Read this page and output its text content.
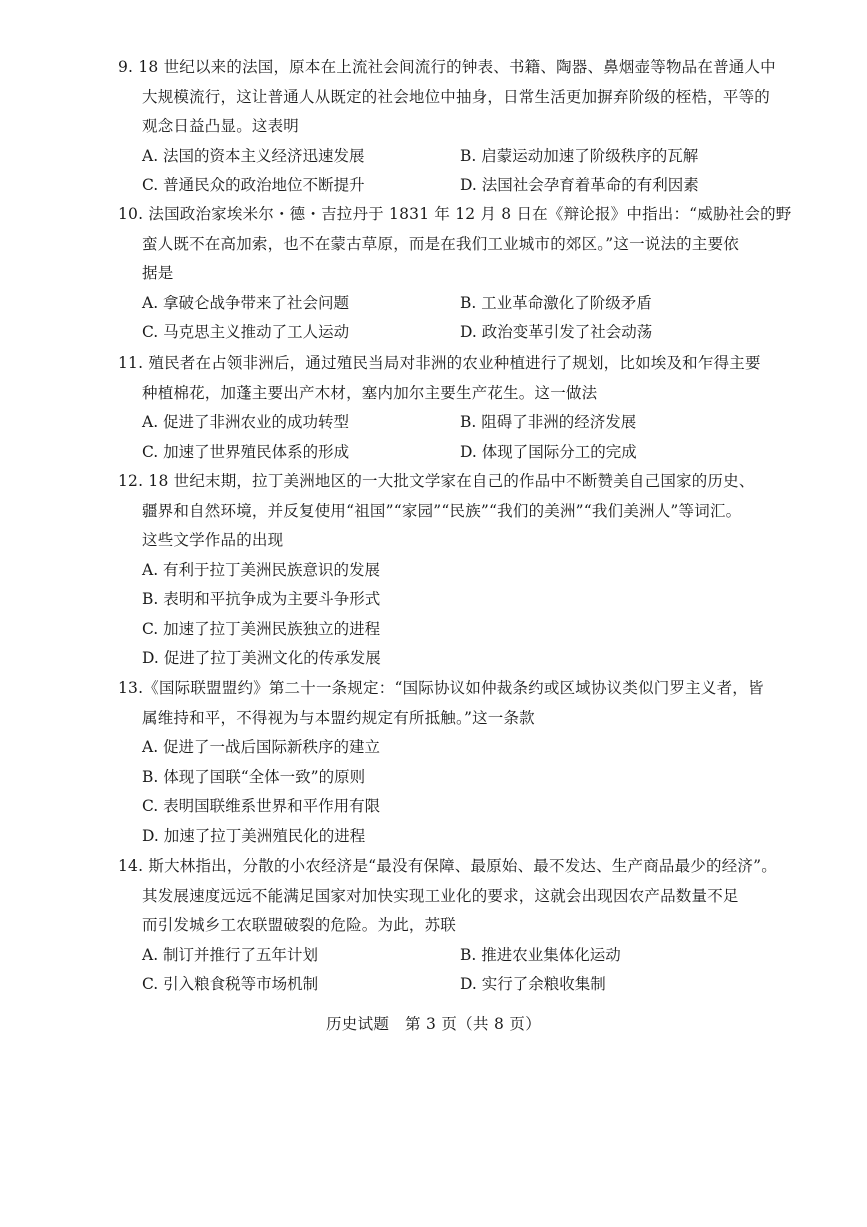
9. 18 世纪以来的法国，原本在上流社会间流行的钟表、书籍、陶器、鼻烟壶等物品在普通人中
大规模流行，这让普通人从既定的社会地位中抽身，日常生活更加摒弃阶级的桎梏，平等的
观念日益凸显。这表明
A. 法国的资本主义经济迅速发展	B. 启蒙运动加速了阶级秩序的瓦解
C. 普通民众的政治地位不断提升	D. 法国社会孕育着革命的有利因素
10. 法国政治家埃米尔・德・吉拉丹于 1831 年 12 月 8 日在《辩论报》中指出：“威胁社会的野
蛮人既不在高加索，也不在蒙古草原，而是在我们工业城市的郊区。”这一说法的主要依
据是
A. 拿破仑战争带来了社会问题	B. 工业革命激化了阶级矛盾
C. 马克思主义推动了工人运动	D. 政治变革引发了社会动荡
11. 殖民者在占领非洲后，通过殖民当局对非洲的农业种植进行了规划，比如埃及和乍得主要
种植棉花，加蓬主要出产木材，塞内加尔主要生产花生。这一做法
A. 促进了非洲农业的成功转型	B. 阻碍了非洲的经济发展
C. 加速了世界殖民体系的形成	D. 体现了国际分工的完成
12. 18 世纪末期，拉丁美洲地区的一大批文学家在自己的作品中不断赞美自己国家的历史、
疆界和自然环境，并反复使用“祖国”“家园”“民族”“我们的美洲”“我们美洲人”等词汇。
这些文学作品的出现
A. 有利于拉丁美洲民族意识的发展
B. 表明和平抗争成为主要斗争形式
C. 加速了拉丁美洲民族独立的进程
D. 促进了拉丁美洲文化的传承发展
13.《国际联盟盟约》第二十一条规定：“国际协议如仲裁条约或区域协议类似门罗主义者，皆
属维持和平，不得视为与本盟约规定有所抵触。”这一条款
A. 促进了一战后国际新秩序的建立
B. 体现了国联“全体一致”的原则
C. 表明国联维系世界和平作用有限
D. 加速了拉丁美洲殖民化的进程
14. 斯大林指出，分散的小农经济是“最没有保障、最原始、最不发达、生产商品最少的经济”。
其发展速度远远不能满足国家对加快实现工业化的要求，这就会出现因农产品数量不足
而引发城乡工农联盟破裂的危险。为此，苏联
A. 制订并推行了五年计划	B. 推进农业集体化运动
C. 引入粮食税等市场机制	D. 实行了余粮收集制
历史试题　第 3 页（共 8 页）
